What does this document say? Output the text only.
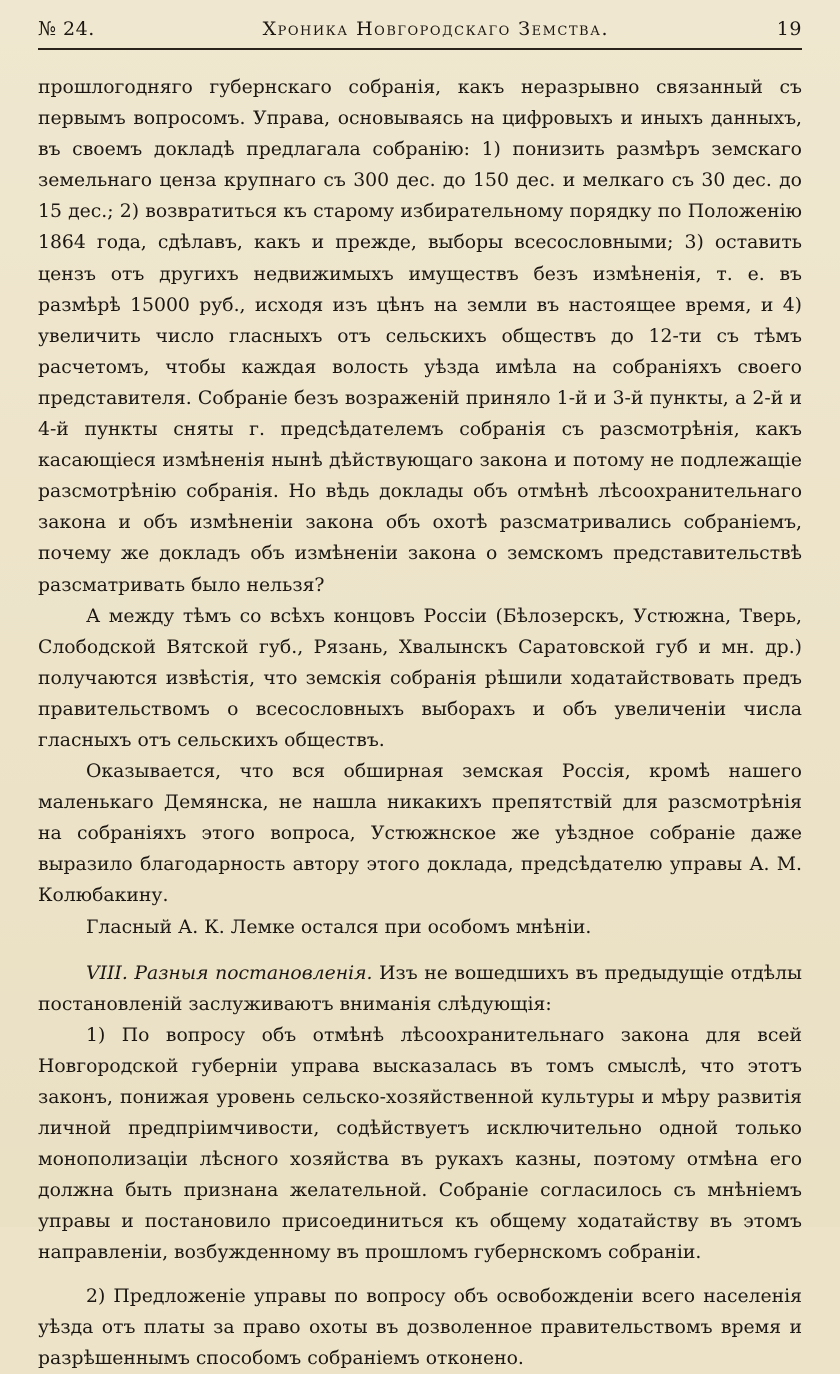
№ 24.	Хроника Новгородскаго Земства.	19

прошлогодняго губернскаго собранія, какъ неразрывно связанный съ первымъ вопросомъ. Управа, основываясь на цифровыхъ и иныхъ данныхъ, въ своемъ докладѣ предлагала собранію: 1) понизить размѣръ земскаго земельнаго ценза крупнаго съ 300 дес. до 150 дес. и мелкаго съ 30 дес. до 15 дес.; 2) возвратиться къ старому избирательному порядку по Положенію 1864 года, сдѣлавъ, какъ и прежде, выборы всесословными; 3) оставить цензъ отъ другихъ недвижимыхъ имуществъ безъ измѣненія, т. е. въ размѣрѣ 15000 руб., исходя изъ цѣнъ на земли въ настоящее время, и 4) увеличить число гласныхъ отъ сельскихъ обществъ до 12-ти съ тѣмъ расчетомъ, чтобы каждая волость уѣзда имѣла на собраніяхъ своего представителя. Собраніе безъ возраженій приняло 1-й и 3-й пункты, а 2-й и 4-й пункты сняты г. предсѣдателемъ собранія съ разсмотрѣнія, какъ касающіеся измѣненія нынѣ дѣйствующаго закона и потому не подлежащіе разсмотрѣнію собранія. Но вѣдь доклады объ отмѣнѣ лѣсоохранительнаго закона и объ измѣненіи закона объ охотѣ разсматривались собраніемъ, почему же докладъ объ измѣненіи закона о земскомъ представительствѣ разсматривать было нельзя?

А между тѣмъ со всѣхъ концовъ Россіи (Бѣлозерскъ, Устюжна, Тверь, Слободской Вятской губ., Рязань, Хвалынскъ Саратовской губ и мн. др.) получаются извѣстія, что земскія собранія рѣшили ходатайствовать предъ правительствомъ о всесословныхъ выборахъ и объ увеличеніи числа гласныхъ отъ сельскихъ обществъ.

Оказывается, что вся обширная земская Россія, кромѣ нашего маленькаго Демянска, не нашла никакихъ препятствій для разсмотрѣнія на собраніяхъ этого вопроса, Устюжнское же уѣздное собраніе даже выразило благодарность автору этого доклада, предсѣдателю управы А. М. Колюбакину.

Гласный А. К. Лемке остался при особомъ мнѣніи.

VIII. Разныя постановленія. Изъ не вошедшихъ въ предыдущіе отдѣлы постановленій заслуживаютъ вниманія слѣдующія:

1) По вопросу объ отмѣнѣ лѣсоохранительнаго закона для всей Новгородской губерніи управа высказалась въ томъ смыслѣ, что этотъ законъ, понижая уровень сельско-хозяйственной культуры и мѣру развитія личной предпріимчивости, содѣйствуетъ исключительно одной только монополизаціи лѣсного хозяйства въ рукахъ казны, поэтому отмѣна его должна быть признана желательной. Собраніе согласилось съ мнѣніемъ управы и постановило присоединиться къ общему ходатайству въ этомъ направленіи, возбужденному въ прошломъ губернскомъ собраніи.

2) Предложеніе управы по вопросу объ освобожденіи всего населенія уѣзда отъ платы за право охоты въ дозволенное правительствомъ время и разрѣшеннымъ способомъ собраніемъ отконено.
